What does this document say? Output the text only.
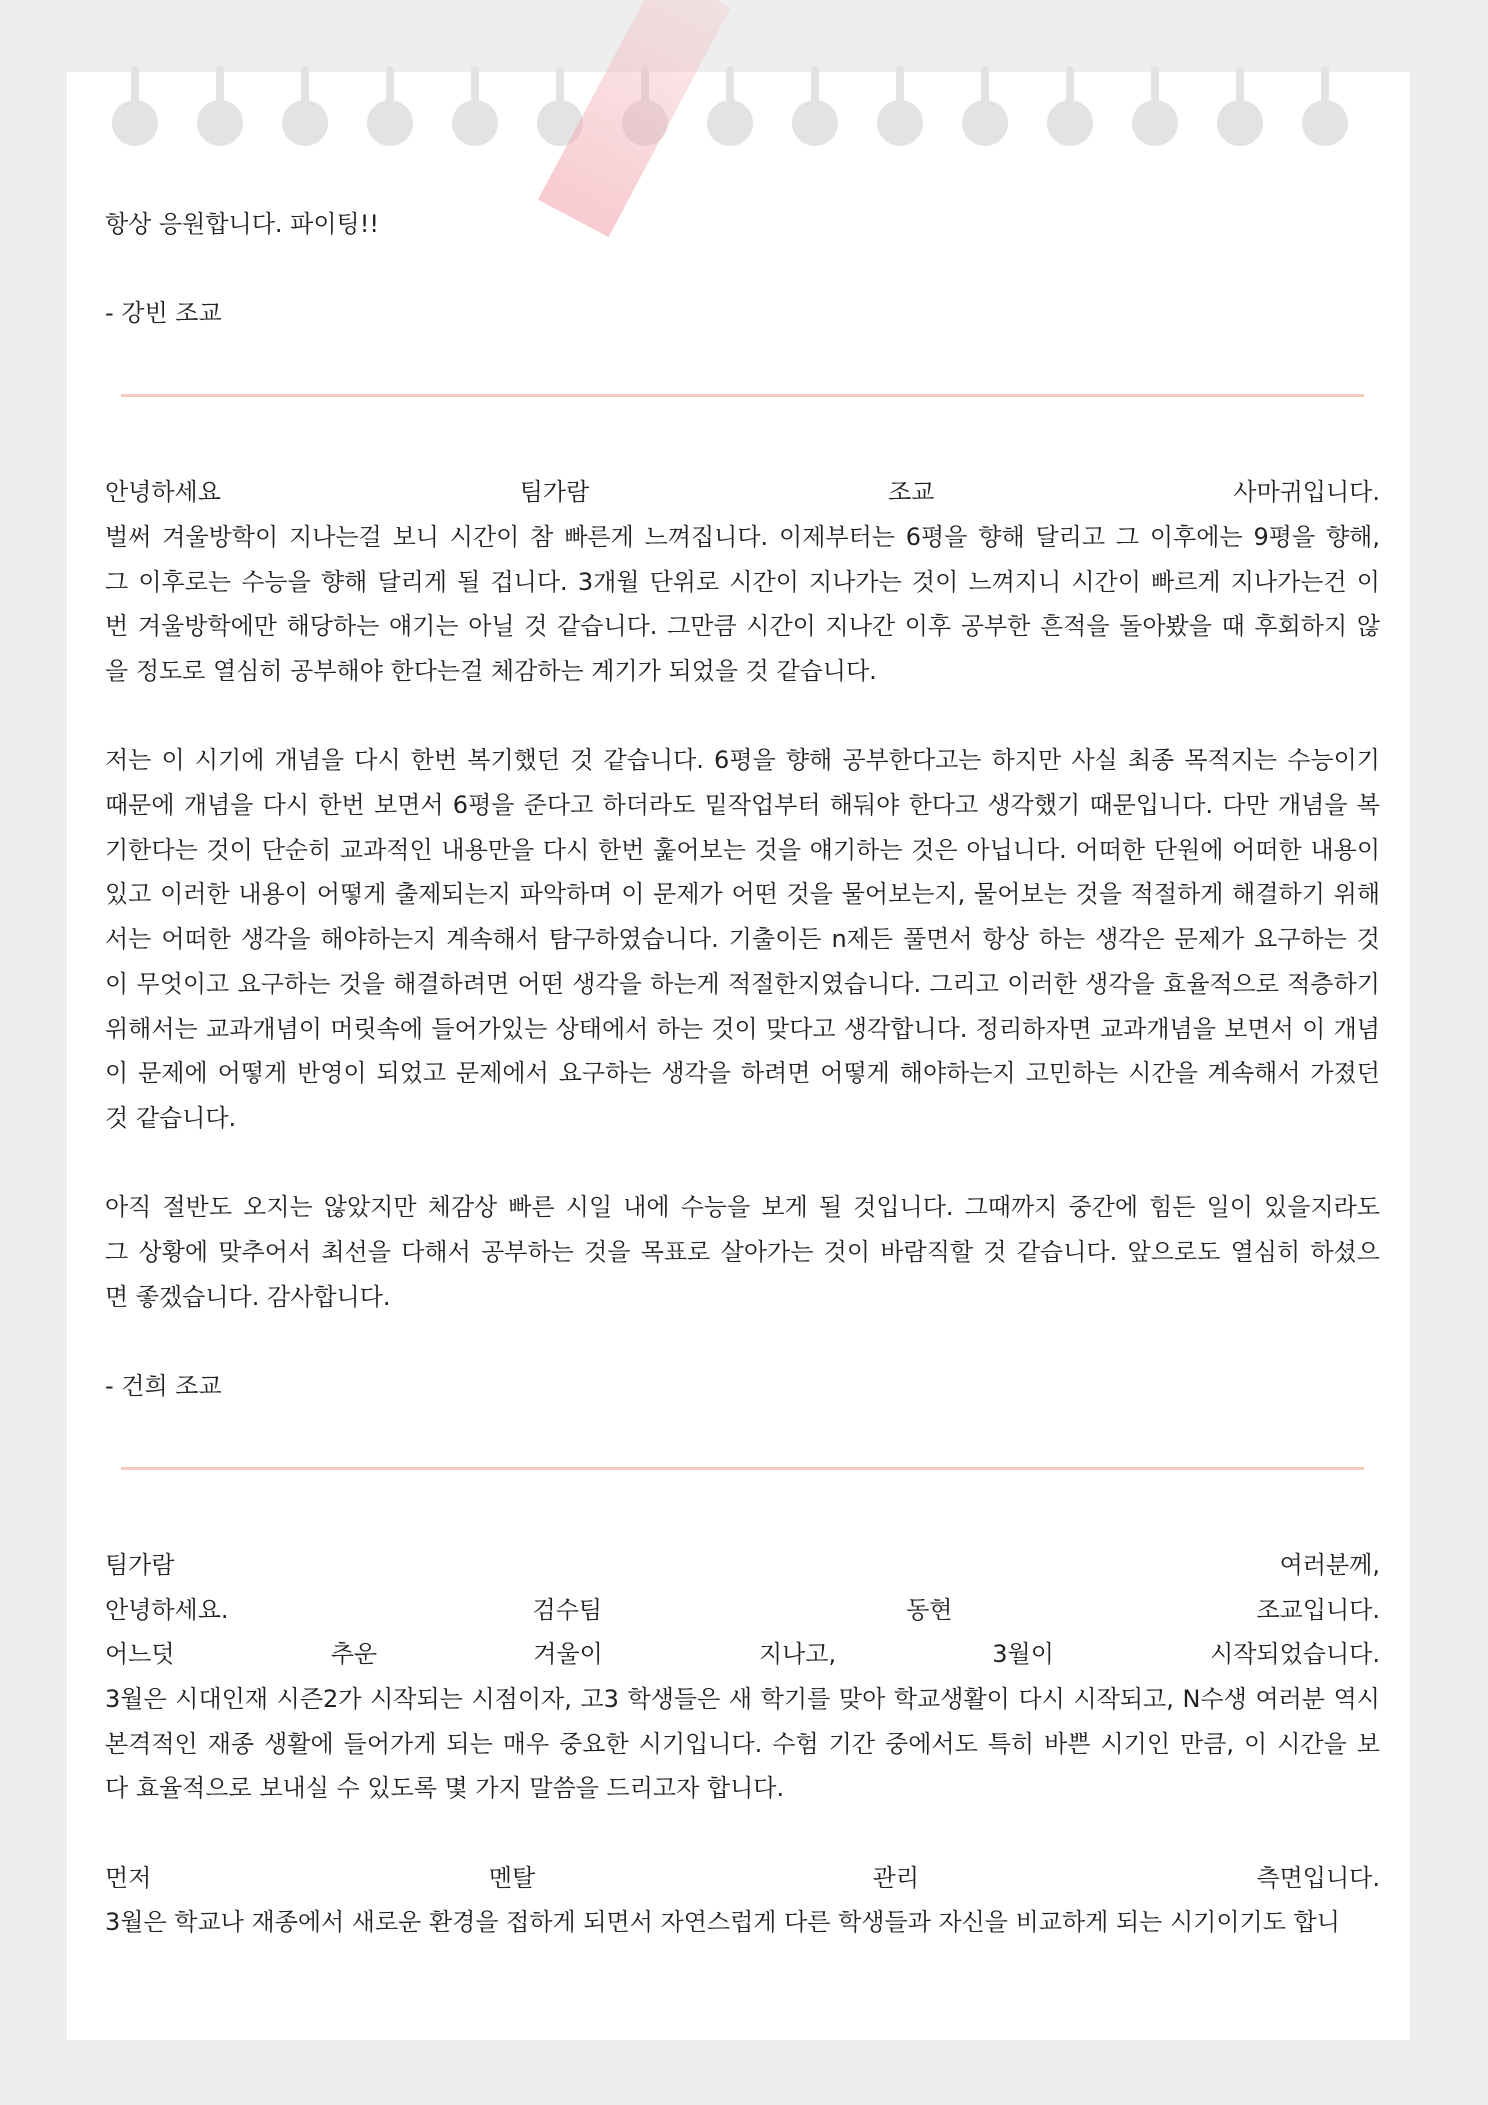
항상 응원합니다. 파이팅!!

- 강빈 조교

안녕하세요 팀가람 조교 사마귀입니다.

벌써 겨울방학이 지나는걸 보니 시간이 참 빠른게 느껴집니다. 이제부터는 6평을 향해 달리고 그 이후에는 9평을 향해,

그 이후로는 수능을 향해 달리게 될 겁니다. 3개월 단위로 시간이 지나가는 것이 느껴지니 시간이 빠르게 지나가는건 이

번 겨울방학에만 해당하는 얘기는 아닐 것 같습니다. 그만큼 시간이 지나간 이후 공부한 흔적을 돌아봤을 때 후회하지 않

을 정도로 열심히 공부해야 한다는걸 체감하는 계기가 되었을 것 같습니다.

저는 이 시기에 개념을 다시 한번 복기했던 것 같습니다. 6평을 향해 공부한다고는 하지만 사실 최종 목적지는 수능이기

때문에 개념을 다시 한번 보면서 6평을 준다고 하더라도 밑작업부터 해둬야 한다고 생각했기 때문입니다. 다만 개념을 복

기한다는 것이 단순히 교과적인 내용만을 다시 한번 훑어보는 것을 얘기하는 것은 아닙니다. 어떠한 단원에 어떠한 내용이

있고 이러한 내용이 어떻게 출제되는지 파악하며 이 문제가 어떤 것을 물어보는지, 물어보는 것을 적절하게 해결하기 위해

서는 어떠한 생각을 해야하는지 계속해서 탐구하였습니다. 기출이든 n제든 풀면서 항상 하는 생각은 문제가 요구하는 것

이 무엇이고 요구하는 것을 해결하려면 어떤 생각을 하는게 적절한지였습니다. 그리고 이러한 생각을 효율적으로 적층하기

위해서는 교과개념이 머릿속에 들어가있는 상태에서 하는 것이 맞다고 생각합니다. 정리하자면 교과개념을 보면서 이 개념

이 문제에 어떻게 반영이 되었고 문제에서 요구하는 생각을 하려면 어떻게 해야하는지 고민하는 시간을 계속해서 가졌던

것 같습니다.

아직 절반도 오지는 않았지만 체감상 빠른 시일 내에 수능을 보게 될 것입니다. 그때까지 중간에 힘든 일이 있을지라도

그 상황에 맞추어서 최선을 다해서 공부하는 것을 목표로 살아가는 것이 바람직할 것 같습니다. 앞으로도 열심히 하셨으

면 좋겠습니다. 감사합니다.

- 건희 조교

팀가람 여러분께,

안녕하세요. 검수팀 동현 조교입니다.

어느덧 추운 겨울이 지나고, 3월이 시작되었습니다.

3월은 시대인재 시즌2가 시작되는 시점이자, 고3 학생들은 새 학기를 맞아 학교생활이 다시 시작되고, N수생 여러분 역시

본격적인 재종 생활에 들어가게 되는 매우 중요한 시기입니다. 수험 기간 중에서도 특히 바쁜 시기인 만큼, 이 시간을 보

다 효율적으로 보내실 수 있도록 몇 가지 말씀을 드리고자 합니다.

먼저 멘탈 관리 측면입니다.

3월은 학교나 재종에서 새로운 환경을 접하게 되면서 자연스럽게 다른 학생들과 자신을 비교하게 되는 시기이기도 합니
